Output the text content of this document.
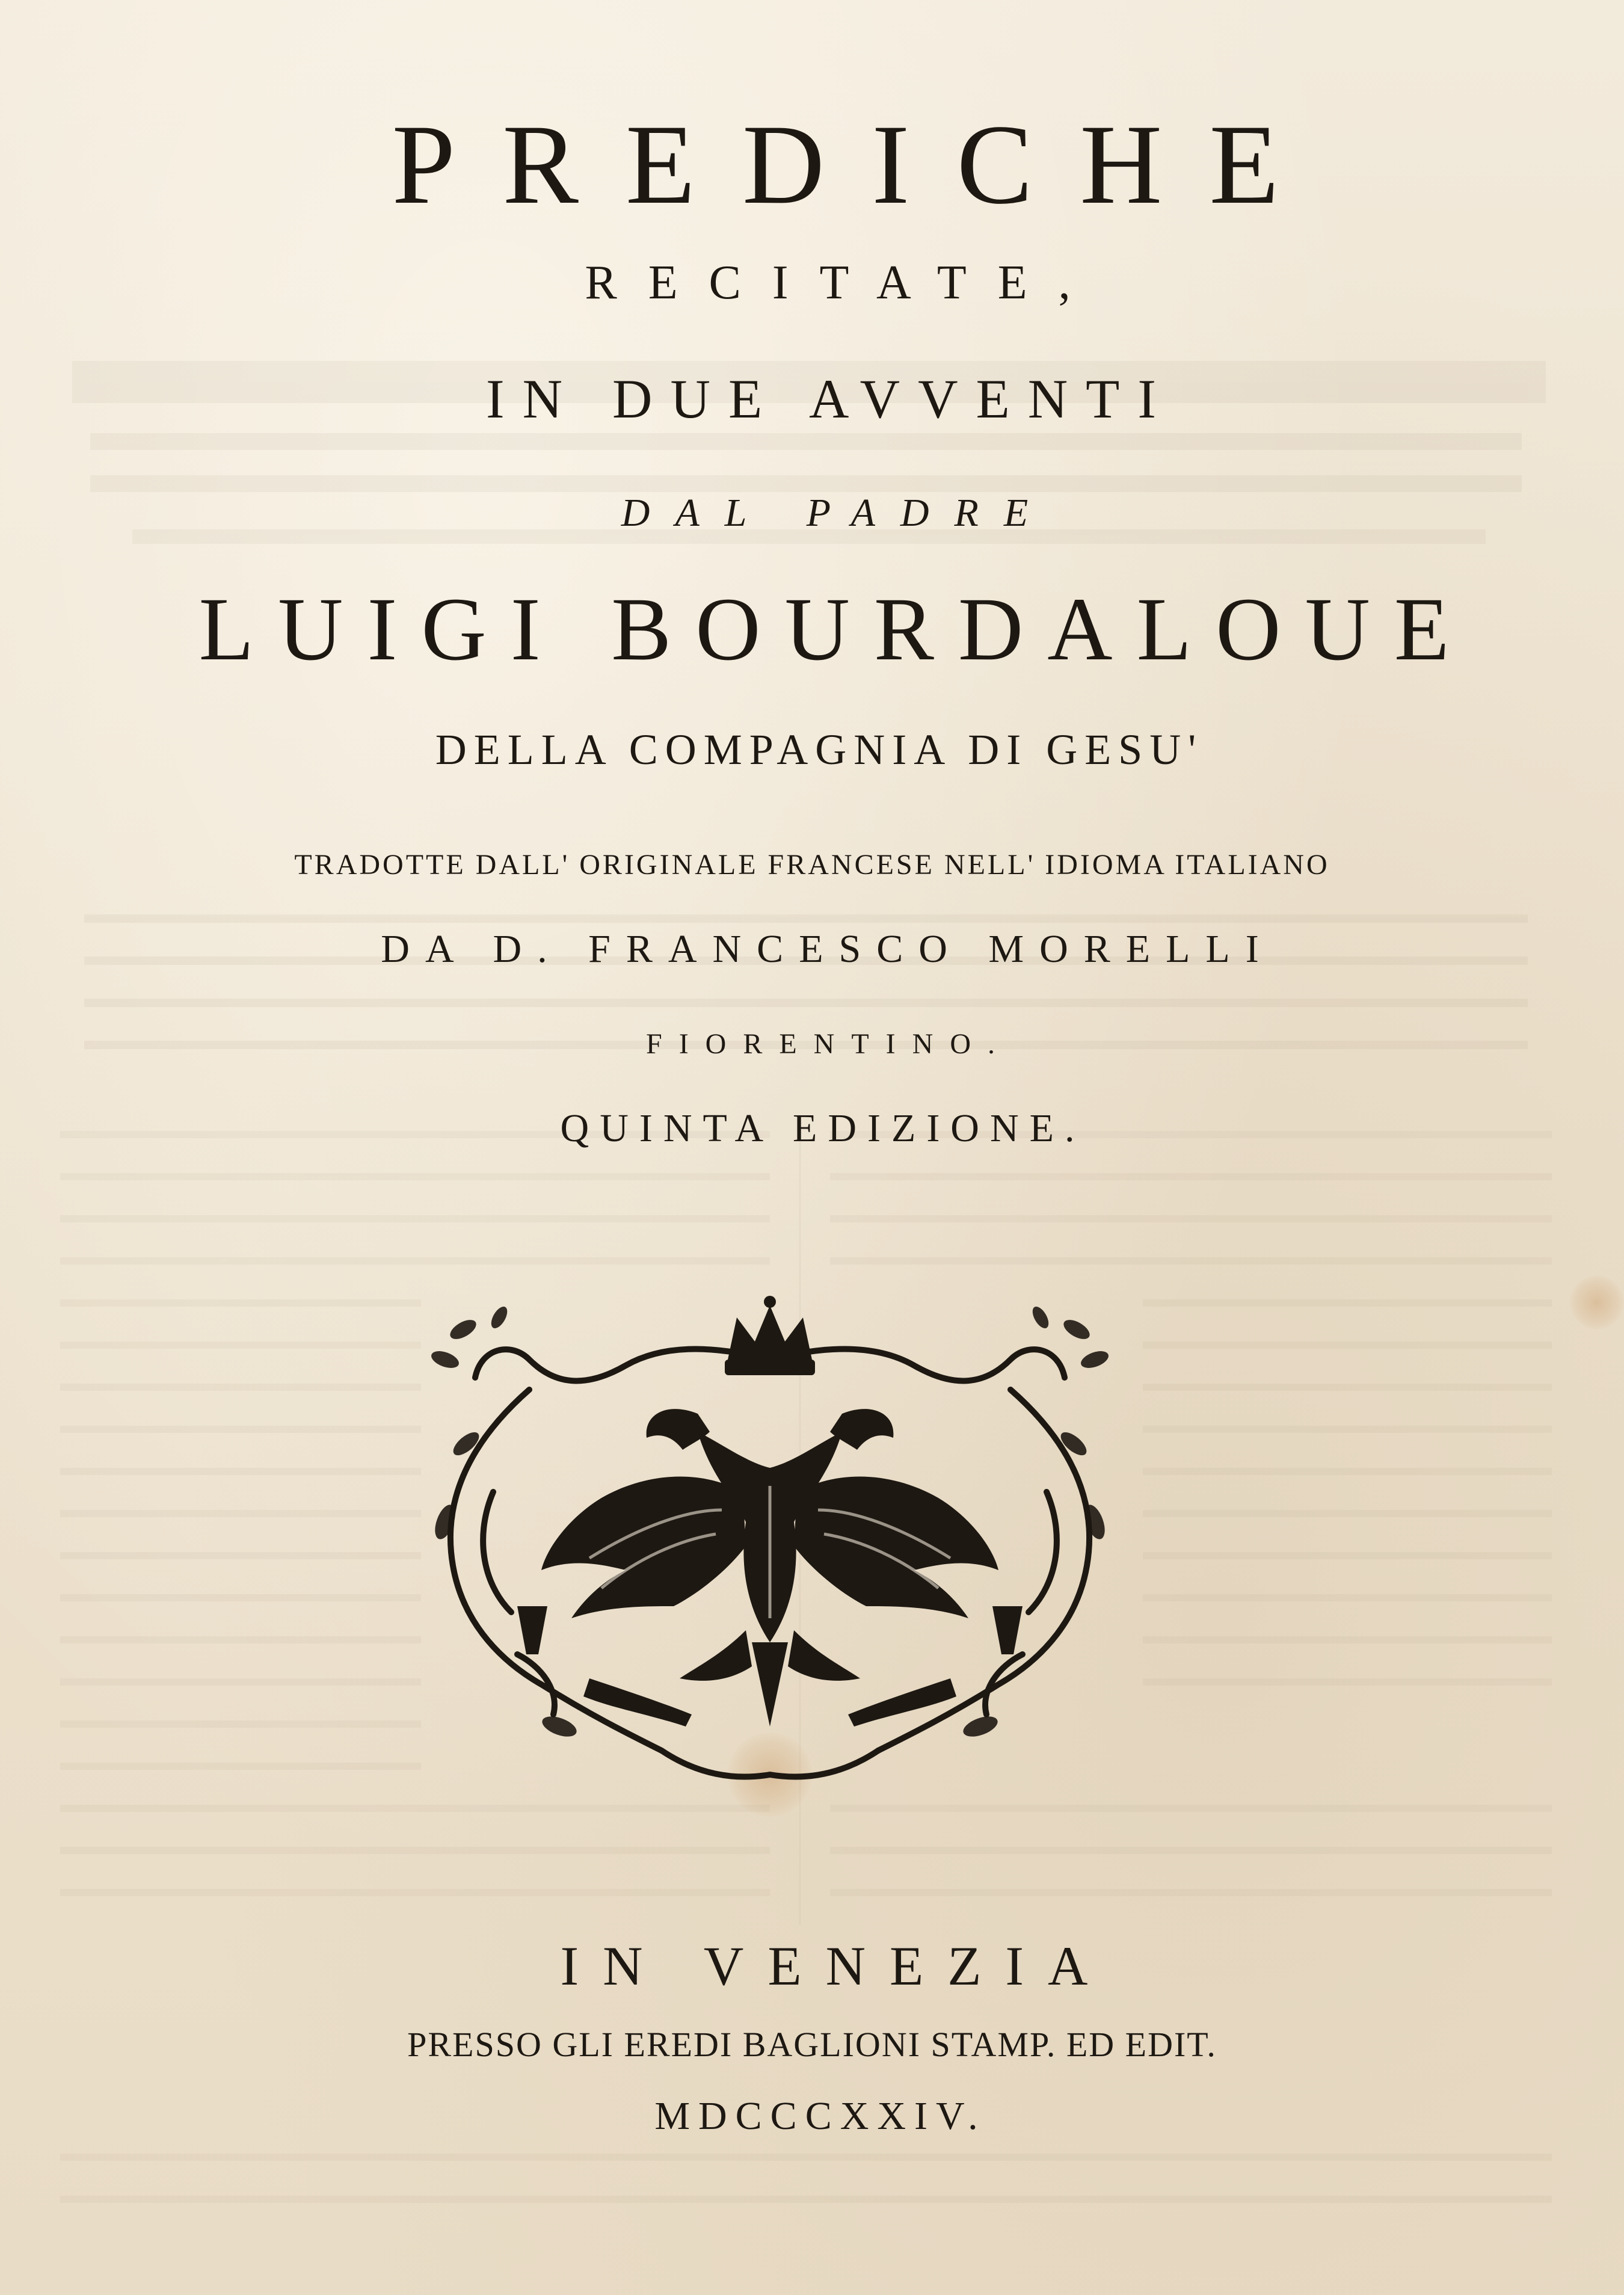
PREDICHE
RECITATE,
IN DUE AVVENTI
DAL PADRE
LUIGI BOURDALOUE
DELLA COMPAGNIA DI GESU'
TRADOTTE DALL' ORIGINALE FRANCESE NELL' IDIOMA ITALIANO
DA D. FRANCESCO MORELLI
FIORENTINO.
QUINTA EDIZIONE.
IN VENEZIA
PRESSO GLI EREDI BAGLIONI STAMP. ED EDIT.
MDCCCXXIV.
